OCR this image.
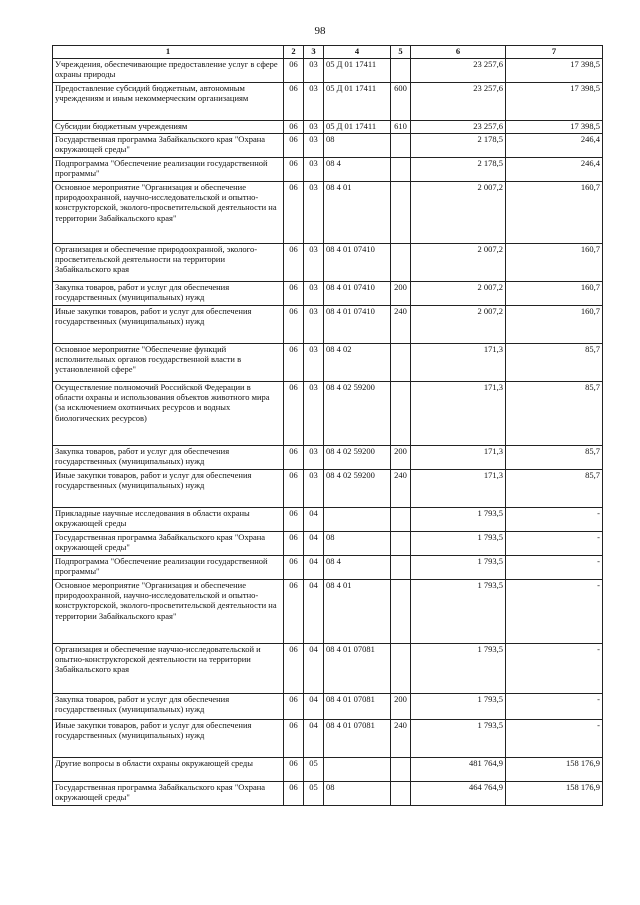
98
1	2	3	4	5	6	7
Учреждения, обеспечивающие предоставление услуг в сфере охраны природы	06	03	05 Д 01 17411		23 257,6	17 398,5
Предоставление субсидий бюджетным, автономным учреждениям и иным некоммерческим организациям	06	03	05 Д 01 17411	600	23 257,6	17 398,5
Субсидии бюджетным учреждениям	06	03	05 Д 01 17411	610	23 257,6	17 398,5
Государственная программа Забайкальского края "Охрана окружающей среды"	06	03	08		2 178,5	246,4
Подпрограмма "Обеспечение реализации государственной программы"	06	03	08 4		2 178,5	246,4
Основное мероприятие "Организация и обеспечение природоохранной, научно-исследовательской и опытно- конструкторской, эколого-просветительской деятельности на территории Забайкальского края"	06	03	08 4 01		2 007,2	160,7
Организация и обеспечение природоохранной, эколого-просветительской деятельности на территории Забайкальского края	06	03	08 4 01 07410		2 007,2	160,7
Закупка товаров, работ и услуг для обеспечения государственных (муниципальных) нужд	06	03	08 4 01 07410	200	2 007,2	160,7
Иные закупки товаров, работ и услуг для обеспечения государственных (муниципальных) нужд	06	03	08 4 01 07410	240	2 007,2	160,7
Основное мероприятие "Обеспечение функций исполнительных органов государственной власти в установленной сфере"	06	03	08 4 02		171,3	85,7
Осуществление полномочий Российской Федерации в области охраны и использования объектов животного мира (за исключением охотничьих ресурсов и водных биологических ресурсов)	06	03	08 4 02 59200		171,3	85,7
Закупка товаров, работ и услуг для обеспечения государственных (муниципальных) нужд	06	03	08 4 02 59200	200	171,3	85,7
Иные закупки товаров, работ и услуг для обеспечения государственных (муниципальных) нужд	06	03	08 4 02 59200	240	171,3	85,7
Прикладные научные исследования в области охраны окружающей среды	06	04			1 793,5	-
Государственная программа Забайкальского края "Охрана окружающей среды"	06	04	08		1 793,5	-
Подпрограмма "Обеспечение реализации государственной программы"	06	04	08 4		1 793,5	-
Основное мероприятие "Организация и обеспечение природоохранной, научно-исследовательской и опытно- конструкторской, эколого-просветительской деятельности на территории Забайкальского края"	06	04	08 4 01		1 793,5	-
Организация и обеспечение научно-исследовательской и опытно-конструкторской деятельности на территории Забайкальского края	06	04	08 4 01 07081		1 793,5	-
Закупка товаров, работ и услуг для обеспечения государственных (муниципальных) нужд	06	04	08 4 01 07081	200	1 793,5	-
Иные закупки товаров, работ и услуг для обеспечения государственных (муниципальных) нужд	06	04	08 4 01 07081	240	1 793,5	-
Другие вопросы в области охраны окружающей среды	06	05			481 764,9	158 176,9
Государственная программа Забайкальского края "Охрана окружающей среды"	06	05	08		464 764,9	158 176,9
